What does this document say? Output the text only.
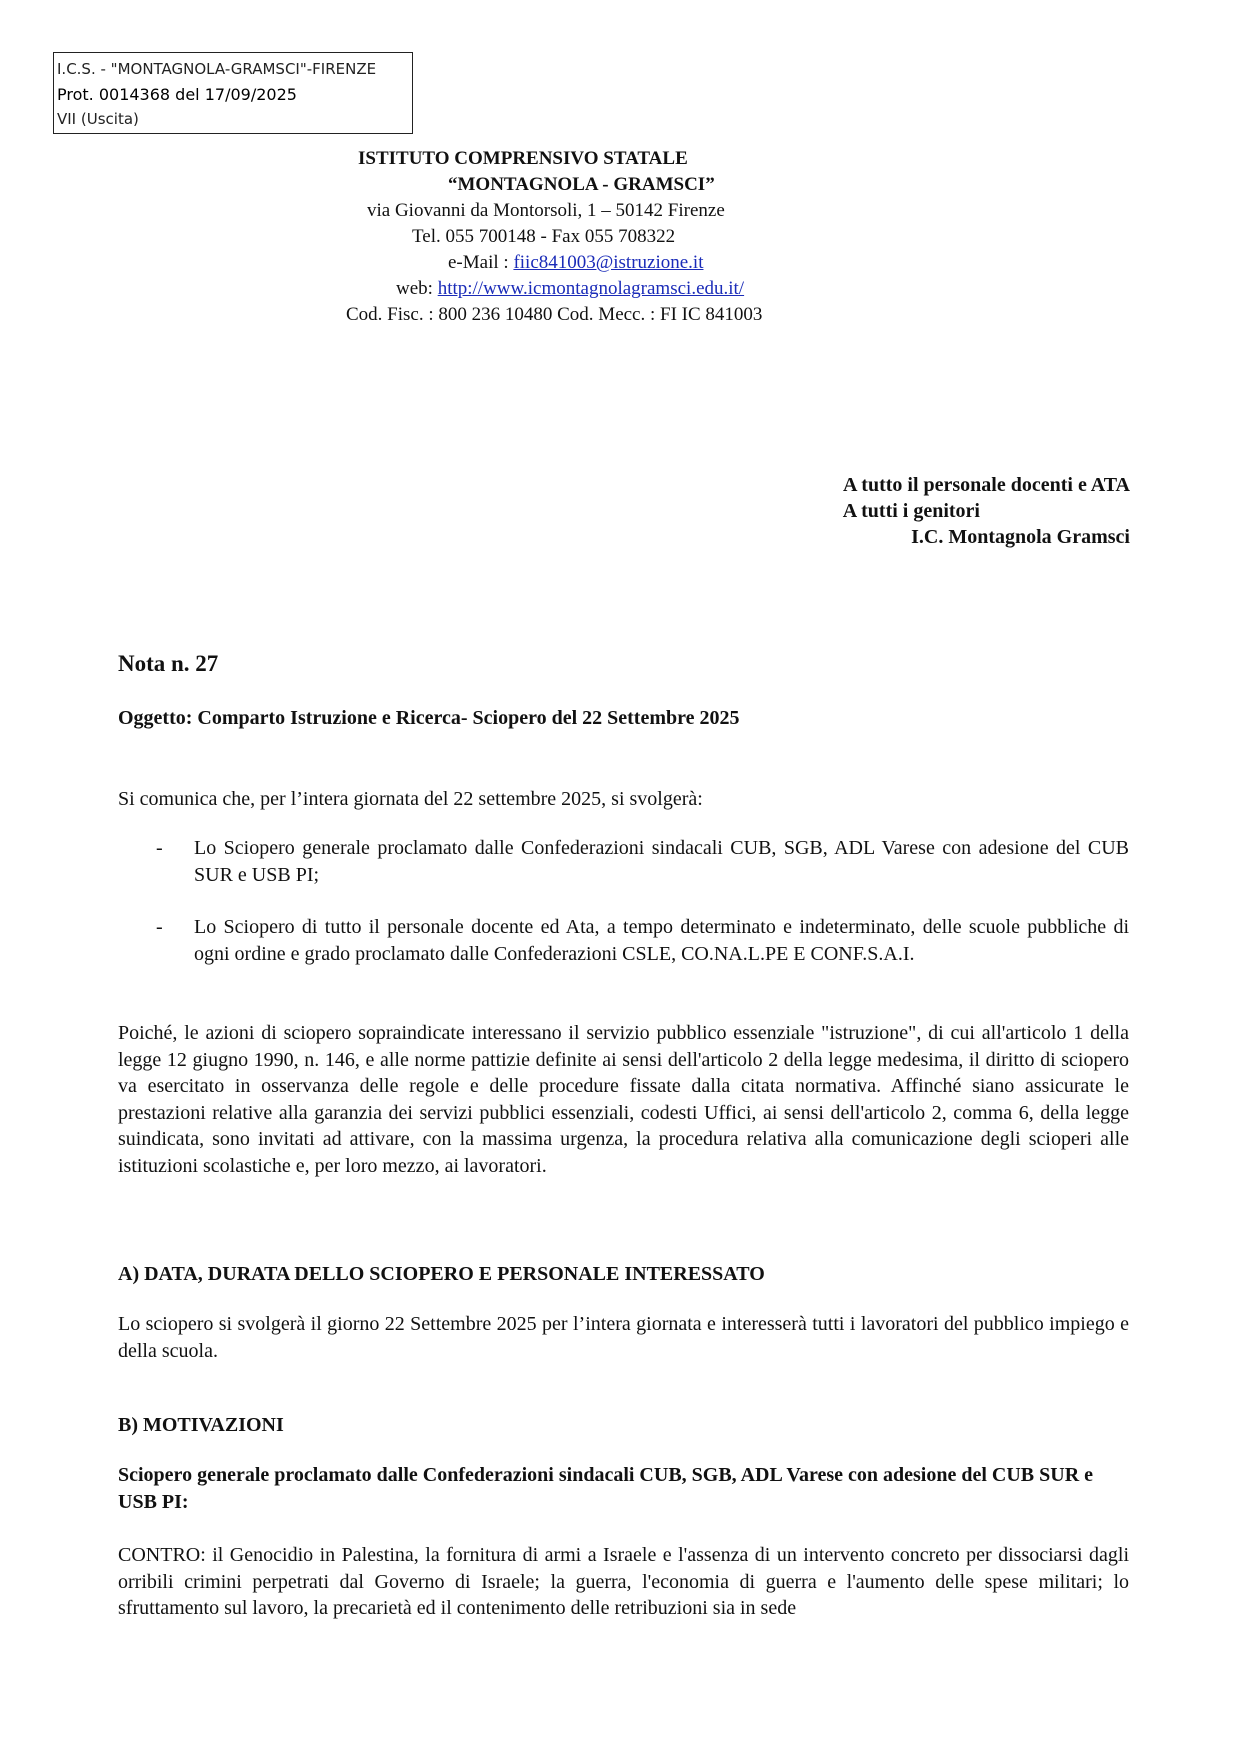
I.C.S. - "MONTAGNOLA-GRAMSCI"-FIRENZE
Prot. 0014368 del 17/09/2025
VII (Uscita)
ISTITUTO COMPRENSIVO STATALE
“MONTAGNOLA - GRAMSCI”
via Giovanni da Montorsoli, 1 – 50142 Firenze
Tel. 055 700148 - Fax 055 708322
e-Mail : fiic841003@istruzione.it
web: http://www.icmontagnolagramsci.edu.it/
Cod. Fisc. : 800 236 10480 Cod. Mecc. : FI IC 841003
A tutto il personale docenti e ATA
A tutti i genitori
I.C. Montagnola Gramsci
Nota n. 27
Oggetto: Comparto Istruzione e Ricerca- Sciopero del 22 Settembre 2025
Si comunica che, per l’intera giornata del 22 settembre 2025, si svolgerà:
- Lo Sciopero generale proclamato dalle Confederazioni sindacali CUB, SGB, ADL Varese con adesione del CUB SUR e USB PI;
- Lo Sciopero di tutto il personale docente ed Ata, a tempo determinato e indeterminato, delle scuole pubbliche di ogni ordine e grado proclamato dalle Confederazioni CSLE, CO.NA.L.PE E CONF.S.A.I.
Poiché, le azioni di sciopero sopraindicate interessano il servizio pubblico essenziale "istruzione", di cui all'articolo 1 della legge 12 giugno 1990, n. 146, e alle norme pattizie definite ai sensi dell'articolo 2 della legge medesima, il diritto di sciopero va esercitato in osservanza delle regole e delle procedure fissate dalla citata normativa. Affinché siano assicurate le prestazioni relative alla garanzia dei servizi pubblici essenziali, codesti Uffici, ai sensi dell'articolo 2, comma 6, della legge suindicata, sono invitati ad attivare, con la massima urgenza, la procedura relativa alla comunicazione degli scioperi alle istituzioni scolastiche e, per loro mezzo, ai lavoratori.
A) DATA, DURATA DELLO SCIOPERO E PERSONALE INTERESSATO
Lo sciopero si svolgerà il giorno 22 Settembre 2025 per l’intera giornata e interesserà tutti i lavoratori del pubblico impiego e della scuola.
B) MOTIVAZIONI
Sciopero generale proclamato dalle Confederazioni sindacali CUB, SGB, ADL Varese con adesione del CUB SUR e USB PI:
CONTRO: il Genocidio in Palestina, la fornitura di armi a Israele e l'assenza di un intervento concreto per dissociarsi dagli orribili crimini perpetrati dal Governo di Israele; la guerra, l'economia di guerra e l'aumento delle spese militari; lo sfruttamento sul lavoro, la precarietà ed il contenimento delle retribuzioni sia in sede
